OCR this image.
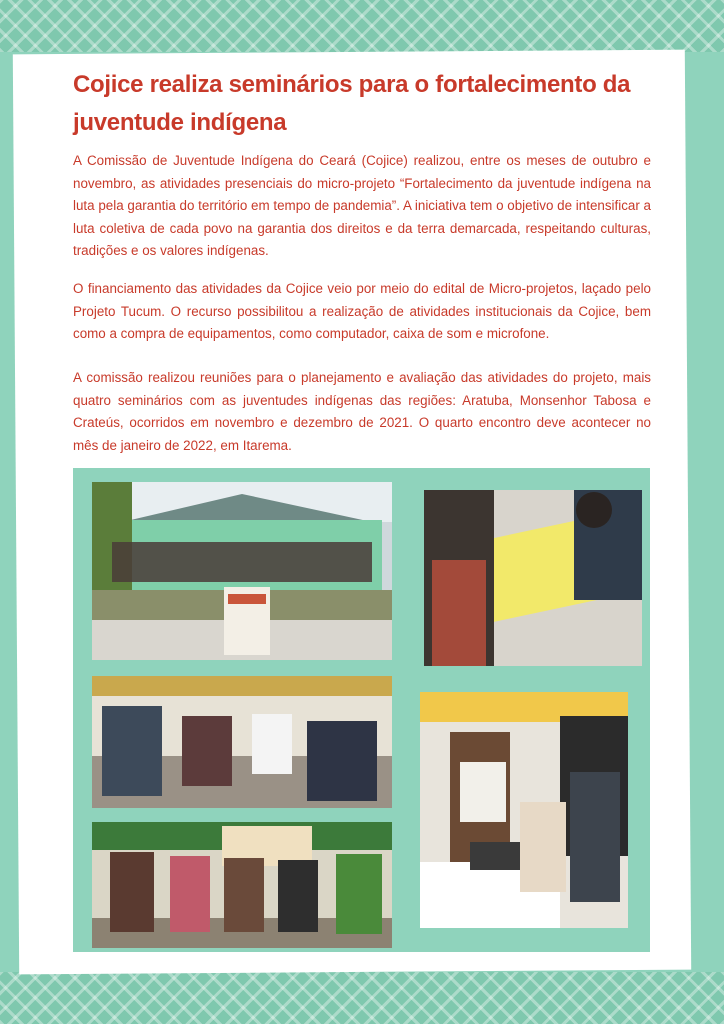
Cojice realiza seminários para o fortalecimento da juventude indígena

A Comissão de Juventude Indígena do Ceará (Cojice) realizou, entre os meses de outubro e novembro, as atividades presenciais do micro-projeto “Fortalecimento da juventude indígena na luta pela garantia do território em tempo de pandemia”. A iniciativa tem o objetivo de intensificar a luta coletiva de cada povo na garantia dos direitos e da terra demarcada, respeitando culturas, tradições e os valores indígenas.

O financiamento das atividades da Cojice veio por meio do edital de Micro-projetos, laçado pelo Projeto Tucum. O recurso possibilitou a realização de atividades institucionais da Cojice, bem como a compra de equipamentos, como computador, caixa de som e microfone.

A comissão realizou reuniões para o planejamento e avaliação das atividades do projeto, mais quatro seminários com as juventudes indígenas das regiões: Aratuba, Monsenhor Tabosa e Crateús, ocorridos em novembro e dezembro de 2021. O quarto encontro deve acontecer no mês de janeiro de 2022, em Itarema.
